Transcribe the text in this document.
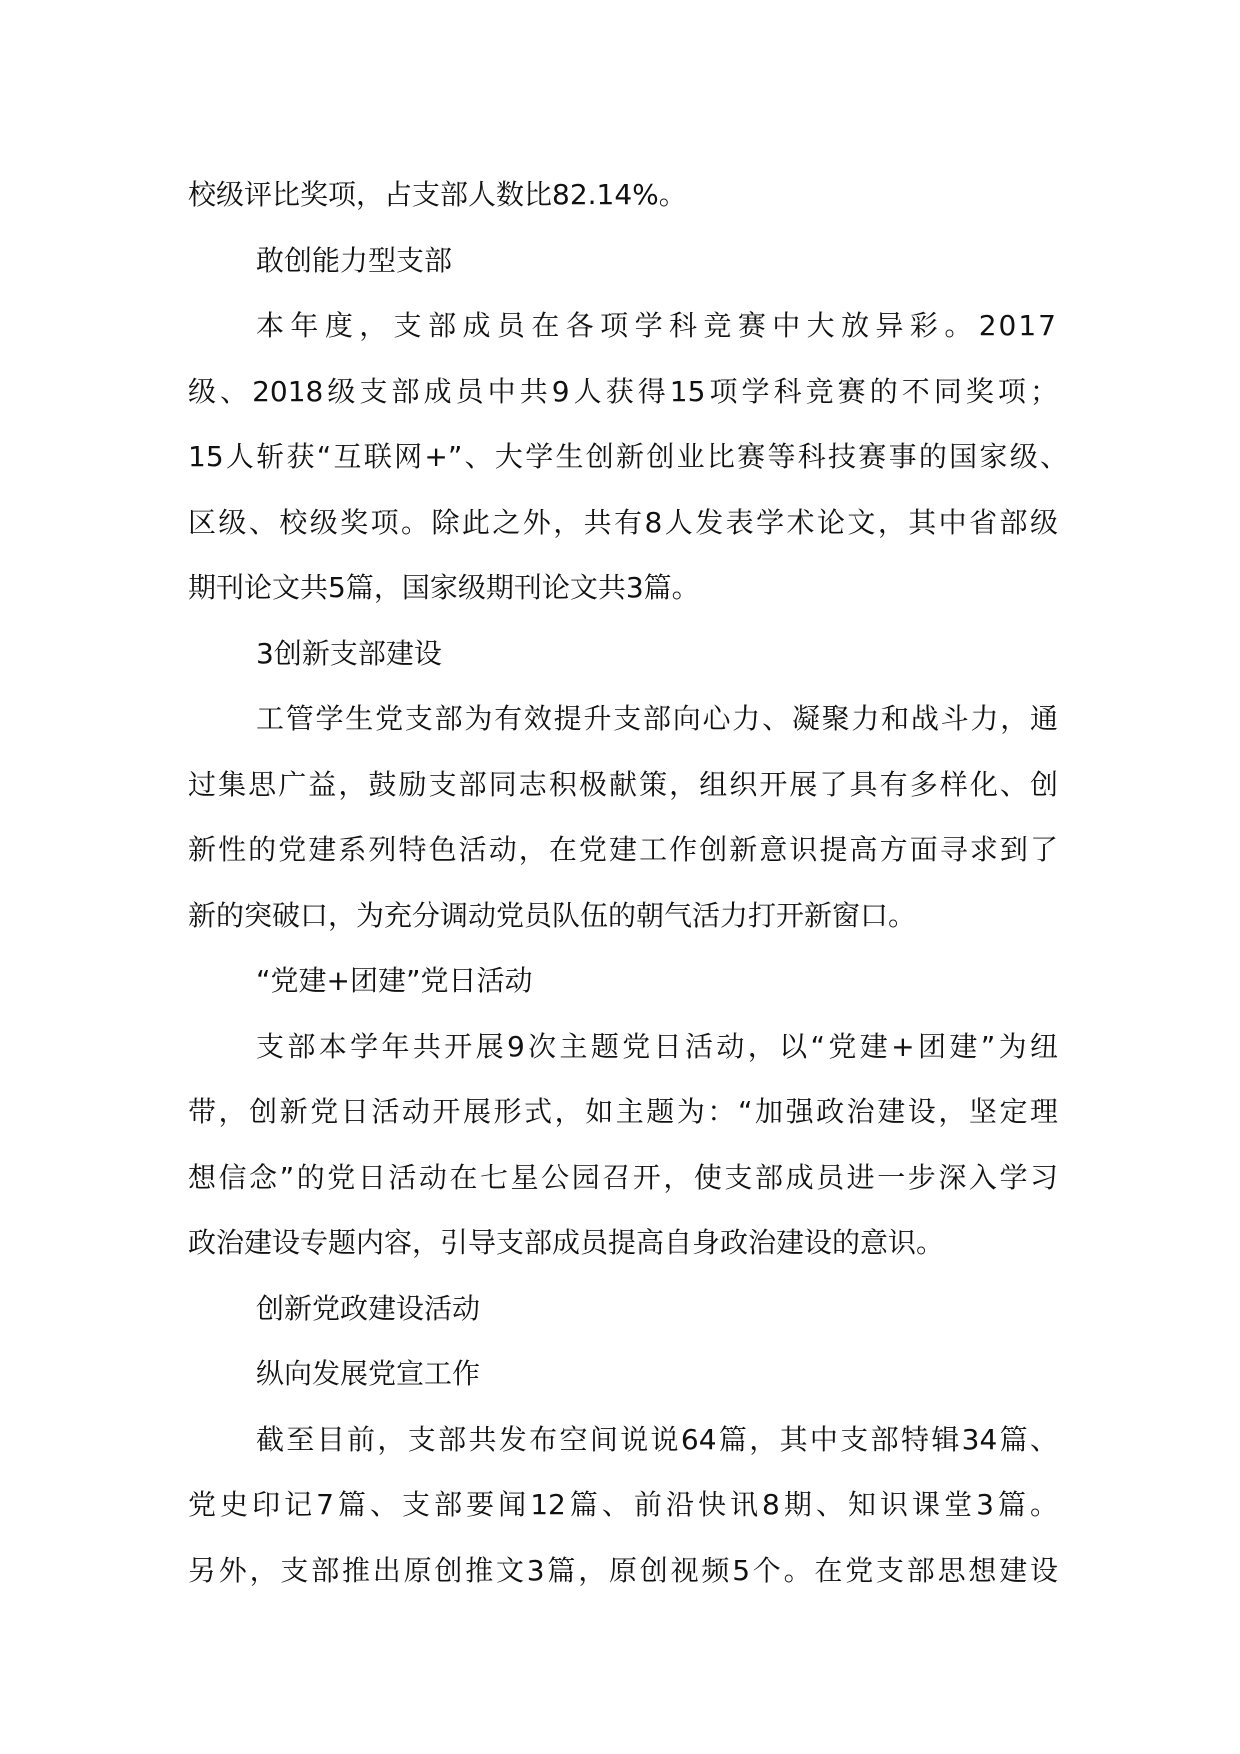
校级评比奖项，占支部人数比82.14%。

敢创能力型支部

本年度，支部成员在各项学科竞赛中大放异彩。2017

级、2018级支部成员中共9人获得15项学科竞赛的不同奖项；

15人斩获“互联网+”、大学生创新创业比赛等科技赛事的国家级、

区级、校级奖项。除此之外，共有8人发表学术论文，其中省部级

期刊论文共5篇，国家级期刊论文共3篇。

3创新支部建设

工管学生党支部为有效提升支部向心力、凝聚力和战斗力，通

过集思广益，鼓励支部同志积极献策，组织开展了具有多样化、创

新性的党建系列特色活动，在党建工作创新意识提高方面寻求到了

新的突破口，为充分调动党员队伍的朝气活力打开新窗口。

“党建+团建”党日活动

支部本学年共开展9次主题党日活动，以“党建+团建”为纽

带，创新党日活动开展形式，如主题为：“加强政治建设，坚定理

想信念”的党日活动在七星公园召开，使支部成员进一步深入学习

政治建设专题内容，引导支部成员提高自身政治建设的意识。

创新党政建设活动

纵向发展党宣工作

截至目前，支部共发布空间说说64篇，其中支部特辑34篇、

党史印记7篇、支部要闻12篇、前沿快讯8期、知识课堂3篇。

另外，支部推出原创推文3篇，原创视频5个。在党支部思想建设
